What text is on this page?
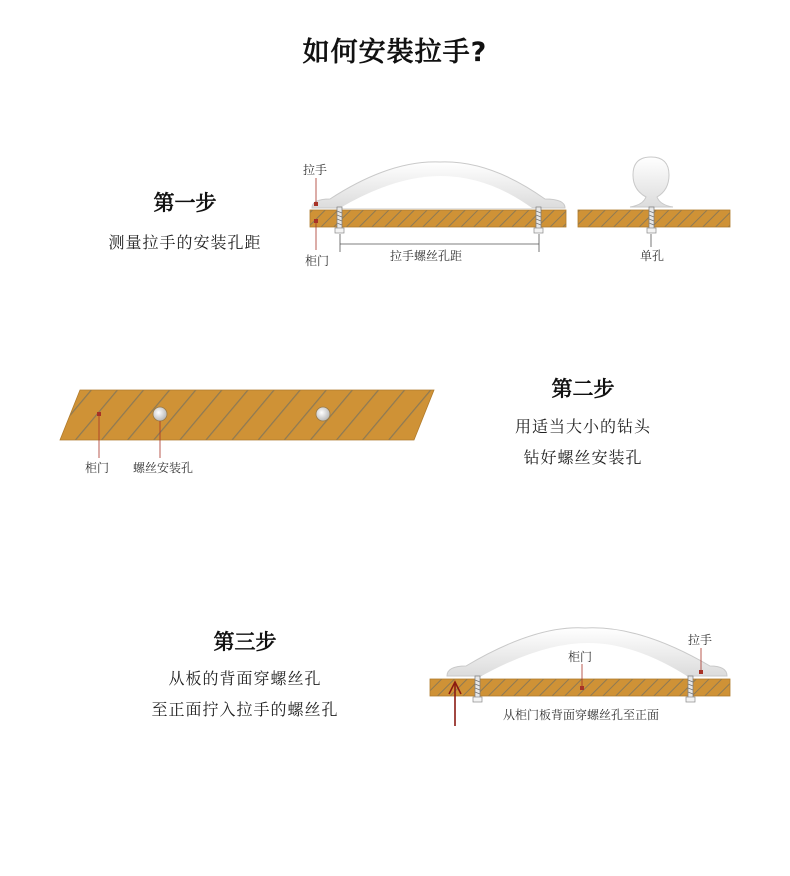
如何安裝拉手?
第一步
测量拉手的安装孔距
第二步
用适当大小的钻头
钻好螺丝安装孔
第三步
从板的背面穿螺丝孔
至正面拧入拉手的螺丝孔
拉手
柜门	拉手螺丝孔距	单孔
柜门 螺丝安装孔
拉手
柜门
从柜门板背面穿螺丝孔至正面
